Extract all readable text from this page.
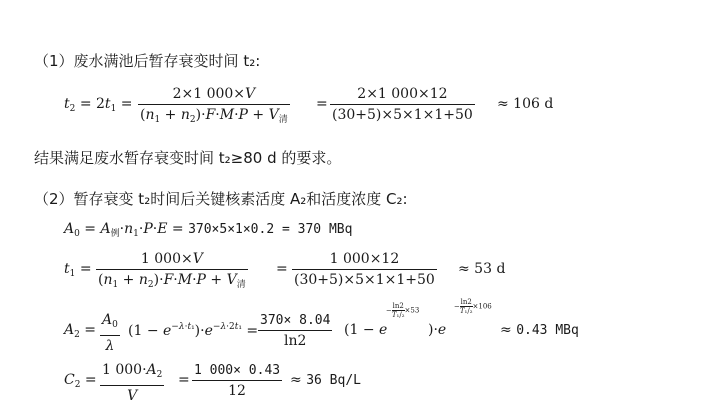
（1）废水满池后暂存衰变时间 t₂:
$t_2 = 2t_1$ =
2×1 000×V
$(n_1 + n_2)\cdot F\cdot M\cdot P + V_清$
=
2×1 000×12
(30+5)×5×1×1+50
≈ 106 d
结果满足废水暂存衰变时间 t₂≥80 d 的要求。
（2）暂存衰变 t₂时间后关键核素活度 A₂和活度浓度 C₂:
$A_0 = A_例\cdot n_1\cdot P\cdot E = 370\times 5\times 1\times 0.2 = 370$ MBq
$t_1$ =
1 000×V
$(n_1 + n_2)\cdot F\cdot M\cdot P + V_清$
=
1 000×12
(30+5)×5×1×1+50
≈ 53 d
$A_2$ =
$A_0$
λ
$(1 - e^{-\lambda\cdot t_1})\cdot e^{-\lambda\cdot 2t_1}$ =
370× 8.04
ln2
(1 − e
− $\frac{\ln 2}{\text{T₁/₂}} \times 53$
)·e
− $\frac{\ln 2}{\text{T₁/₂}} \times 106$
≈ 0.43 MBq
$C_2$ =
1 $000\cdot A_2$
V
=
1 000× 0.43
12
≈ 36 Bq/L
